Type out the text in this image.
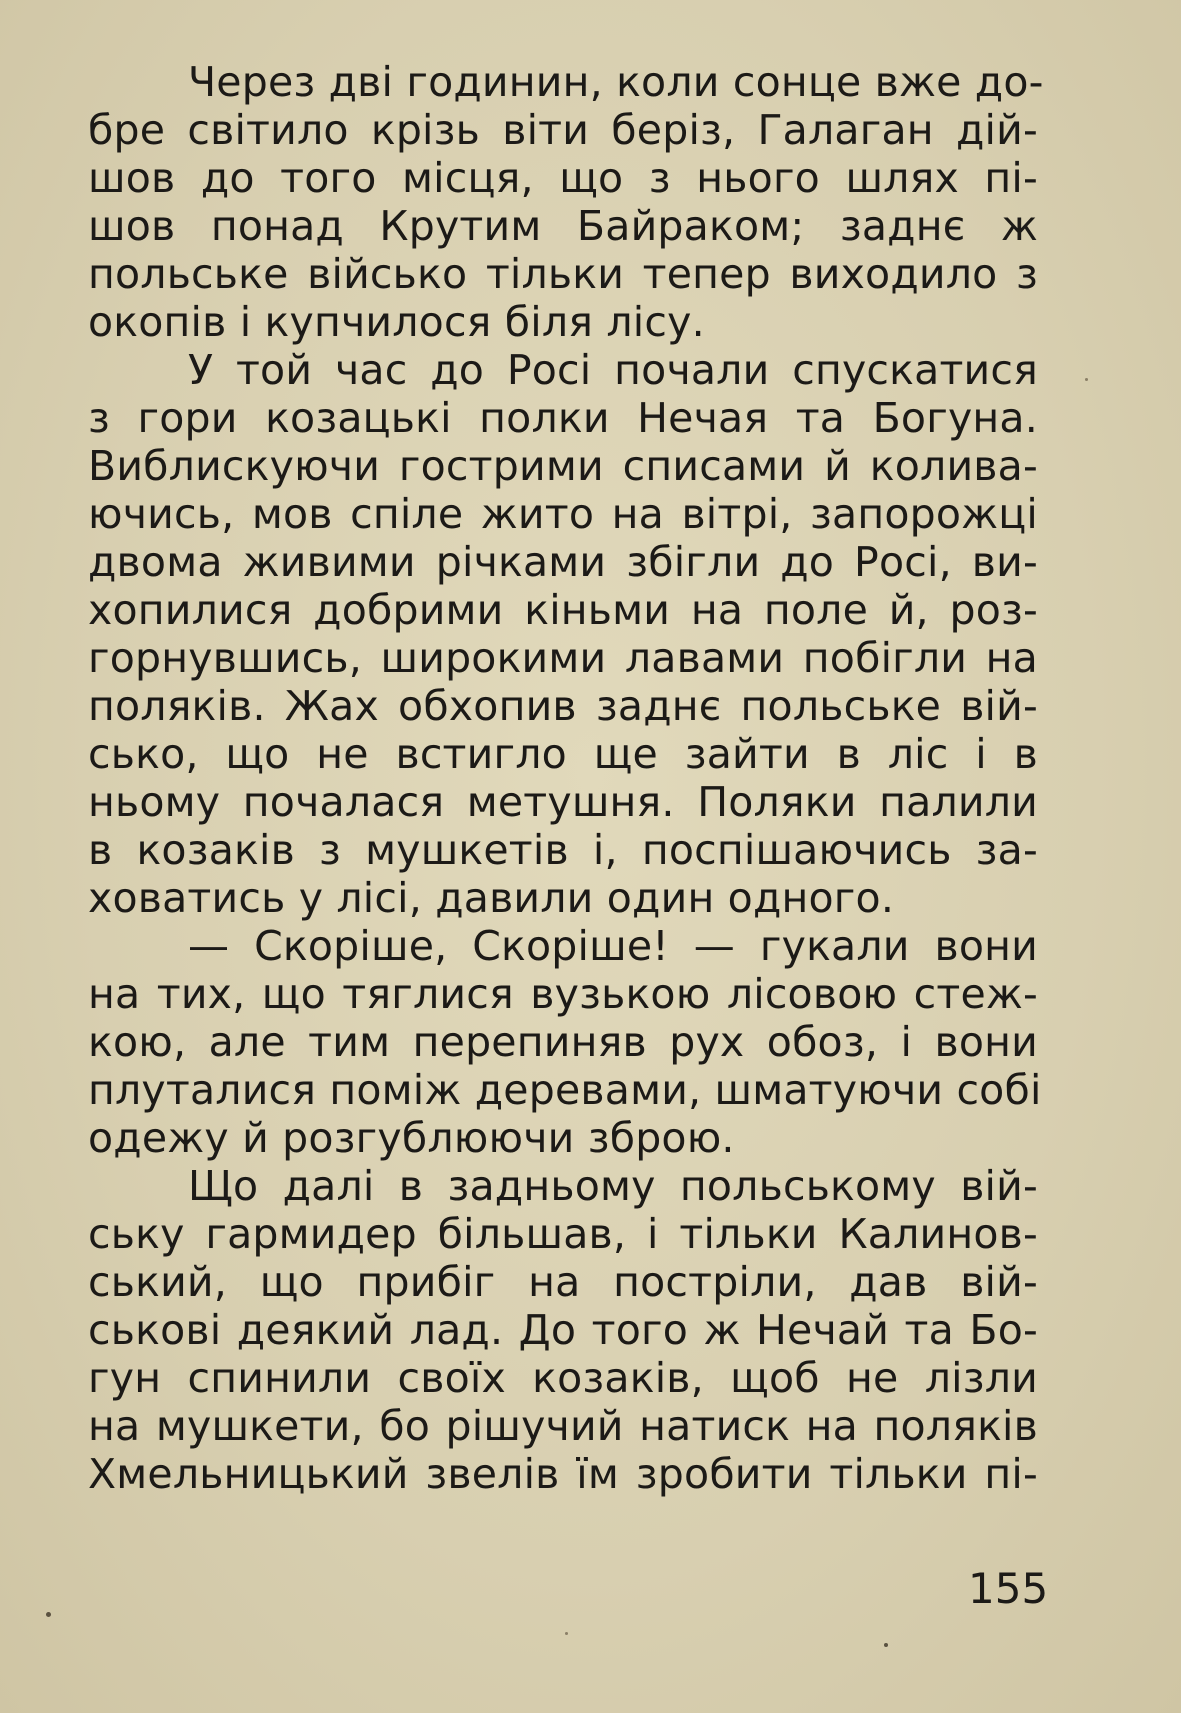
Через дві годинин, коли сонце вже до-
бре світило крізь віти беріз, Галаган дій-
шов до того місця, що з нього шлях пі-
шов понад Крутим Байраком; заднє ж
польське військо тільки тепер виходило з
окопів і купчилося біля лісу.
У той час до Росі почали спускатися
з гори козацькі полки Нечая та Богуна.
Виблискуючи гострими списами й колива-
ючись, мов спіле жито на вітрі, запорожці
двома живими річками збігли до Росі, ви-
хопилися добрими кіньми на поле й, роз-
горнувшись, широкими лавами побігли на
поляків. Жах обхопив заднє польське вій-
сько, що не встигло ще зайти в ліс і в
ньому почалася метушня. Поляки палили
в козаків з мушкетів і, поспішаючись за-
ховатись у лісі, давили один одного.
— Скоріше, Скоріше! — гукали вони
на тих, що тяглися вузькою лісовою стеж-
кою, але тим перепиняв рух обоз, і вони
плуталися поміж деревами, шматуючи собі
одежу й розгублюючи зброю.
Що далі в задньому польському вій-
ську гармидер більшав, і тільки Калинов-
ський, що прибіг на постріли, дав вій-
ськові деякий лад. До того ж Нечай та Бо-
гун спинили своїх козаків, щоб не лізли
на мушкети, бо рішучий натиск на поляків
Хмельницький звелів їм зробити тільки пі-
155
